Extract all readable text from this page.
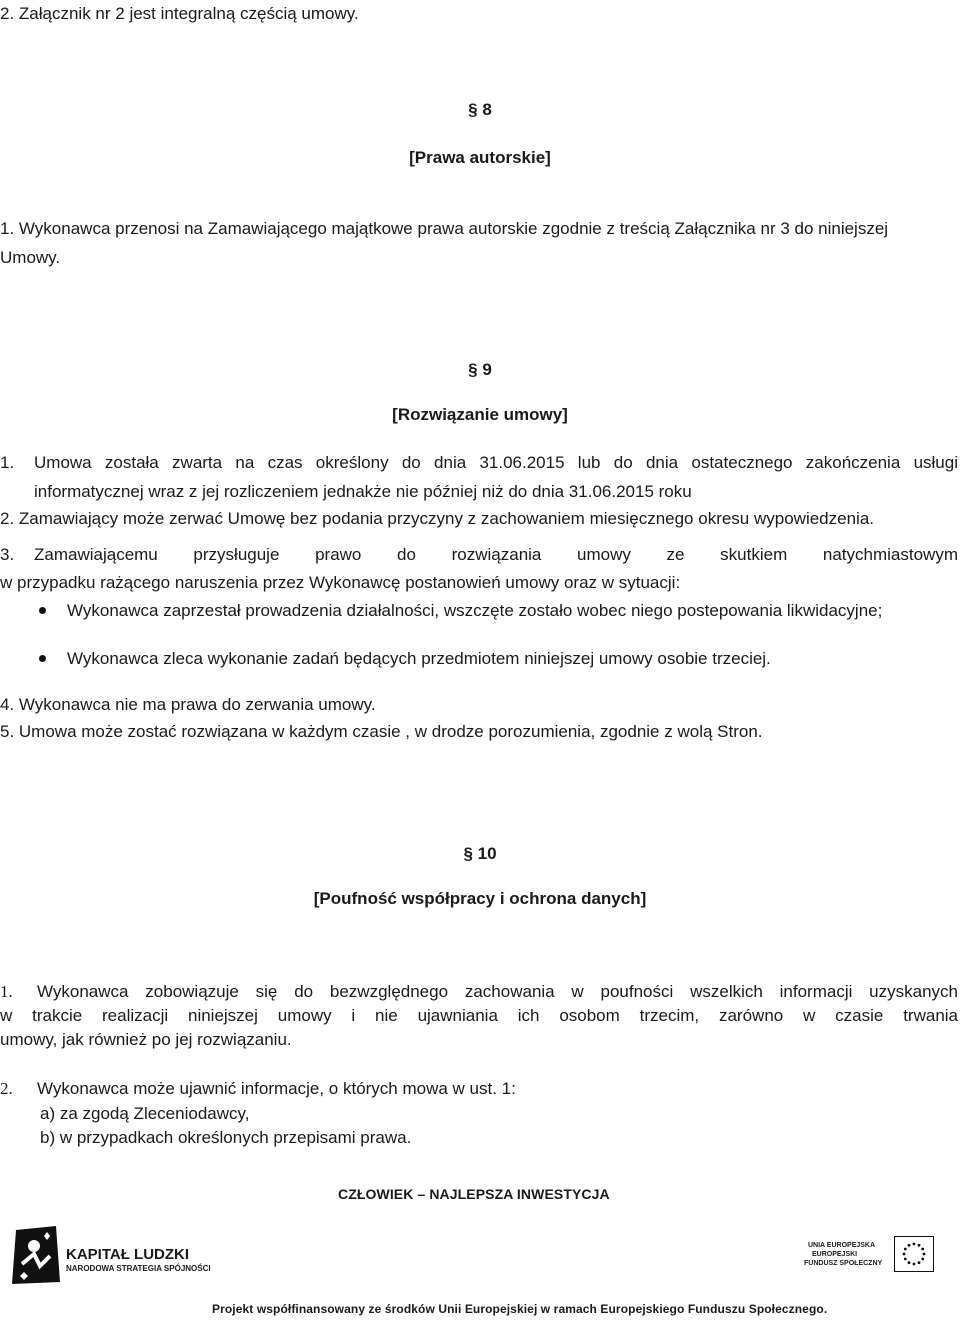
2. Załącznik nr 2 jest integralną częścią umowy.
§ 8
[Prawa autorskie]
1. Wykonawca przenosi na Zamawiającego majątkowe prawa autorskie zgodnie z treścią Załącznika nr 3 do niniejszej
Umowy.
§ 9
[Rozwiązanie umowy]
1. Umowa została zwarta na czas określony do dnia 31.06.2015 lub do dnia ostatecznego zakończenia usługi
informatycznej wraz z jej rozliczeniem jednakże nie później niż do dnia 31.06.2015 roku
2. Zamawiający może zerwać Umowę bez podania przyczyny z zachowaniem miesięcznego okresu wypowiedzenia.
3. Zamawiającemu przysługuje prawo do rozwiązania umowy ze skutkiem natychmiastowym
w przypadku rażącego naruszenia przez Wykonawcę postanowień umowy oraz w sytuacji:
Wykonawca zaprzestał prowadzenia działalności, wszczęte zostało wobec niego postepowania likwidacyjne;
Wykonawca zleca wykonanie zadań będących przedmiotem niniejszej umowy osobie trzeciej.
4. Wykonawca nie ma prawa do zerwania umowy.
5. Umowa może zostać rozwiązana w każdym czasie , w drodze porozumienia, zgodnie z wolą Stron.
§ 10
[Poufność współpracy i ochrona danych]
1. Wykonawca zobowiązuje się do bezwzględnego zachowania w poufności wszelkich informacji uzyskanych
w trakcie realizacji niniejszej umowy i nie ujawniania ich osobom trzecim, zarówno w czasie trwania
umowy, jak również po jej rozwiązaniu.
2. Wykonawca może ujawnić informacje, o których mowa w ust. 1:
a) za zgodą Zleceniodawcy,
b) w przypadkach określonych przepisami prawa.
CZŁOWIEK – NAJLEPSZA INWESTYCJA
KAPITAŁ LUDZKI
NARODOWA STRATEGIA SPÓJNOŚCI
UNIA EUROPEJSKA
EUROPEJSKI
FUNDUSZ SPOŁECZNY
Projekt współfinansowany ze środków Unii Europejskiej w ramach Europejskiego Funduszu Społecznego.
